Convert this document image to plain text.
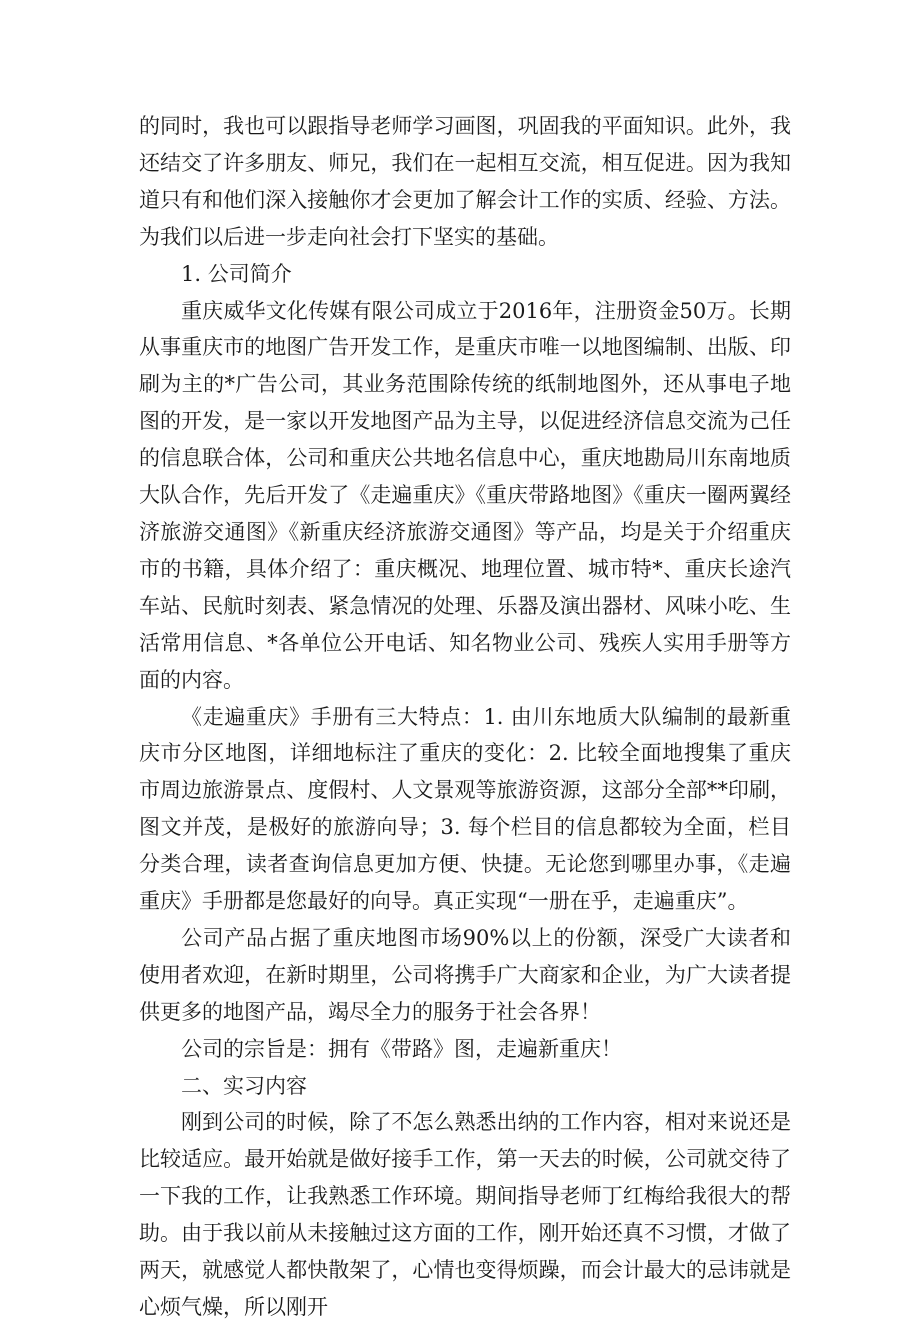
的同时，我也可以跟指导老师学习画图，巩固我的平面知识。此外，我还结交了许多朋友、师兄，我们在一起相互交流，相互促进。因为我知道只有和他们深入接触你才会更加了解会计工作的实质、经验、方法。为我们以后进一步走向社会打下坚实的基础。

1. 公司简介

重庆威华文化传媒有限公司成立于2016年，注册资金50万。长期从事重庆市的地图广告开发工作，是重庆市唯一以地图编制、出版、印刷为主的*广告公司，其业务范围除传统的纸制地图外，还从事电子地图的开发，是一家以开发地图产品为主导，以促进经济信息交流为己任的信息联合体，公司和重庆公共地名信息中心，重庆地勘局川东南地质大队合作，先后开发了《走遍重庆》《重庆带路地图》《重庆一圈两翼经济旅游交通图》《新重庆经济旅游交通图》等产品，均是关于介绍重庆市的书籍，具体介绍了：重庆概况、地理位置、城市特*、重庆长途汽车站、民航时刻表、紧急情况的处理、乐器及演出器材、风味小吃、生活常用信息、*各单位公开电话、知名物业公司、残疾人实用手册等方面的内容。

《走遍重庆》手册有三大特点：1. 由川东地质大队编制的最新重庆市分区地图，详细地标注了重庆的变化：2. 比较全面地搜集了重庆市周边旅游景点、度假村、人文景观等旅游资源，这部分全部**印刷，图文并茂，是极好的旅游向导；3. 每个栏目的信息都较为全面，栏目分类合理，读者查询信息更加方便、快捷。无论您到哪里办事，《走遍重庆》手册都是您最好的向导。真正实现“一册在乎，走遍重庆”。

公司产品占据了重庆地图市场90%以上的份额，深受广大读者和使用者欢迎，在新时期里，公司将携手广大商家和企业，为广大读者提供更多的地图产品，竭尽全力的服务于社会各界！

公司的宗旨是：拥有《带路》图，走遍新重庆！

二、实习内容

刚到公司的时候，除了不怎么熟悉出纳的工作内容，相对来说还是比较适应。最开始就是做好接手工作，第一天去的时候，公司就交待了一下我的工作，让我熟悉工作环境。期间指导老师丁红梅给我很大的帮助。由于我以前从未接触过这方面的工作，刚开始还真不习惯，才做了两天，就感觉人都快散架了，心情也变得烦躁，而会计最大的忌讳就是心烦气燥，所以刚开
